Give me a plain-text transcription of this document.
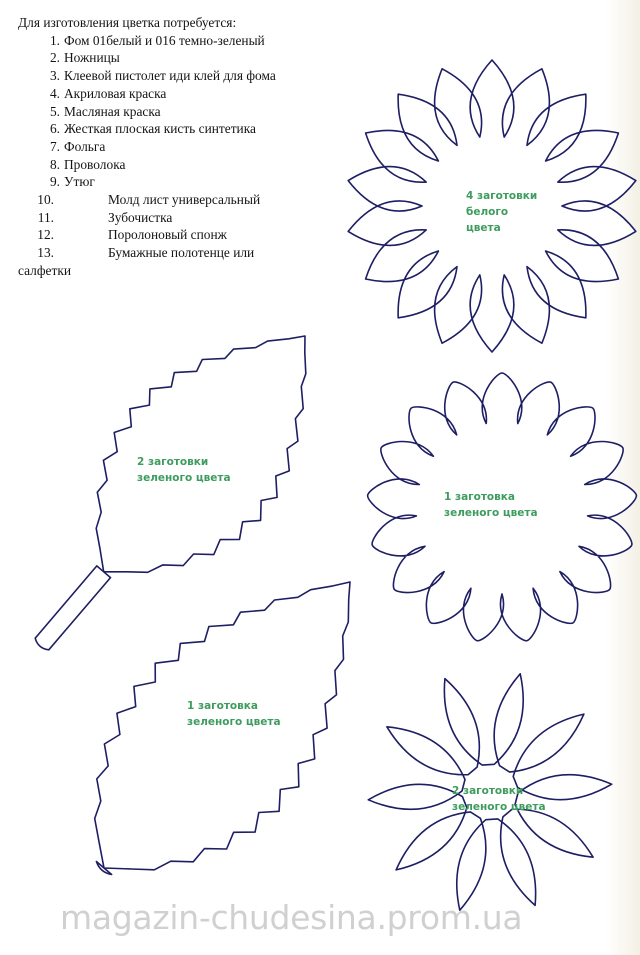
Для изготовления цветка потребуется:

1. Фом 01белый и 016 темно-зеленый
2. Ножницы
3. Клеевой пистолет иди клей для фома
4. Акриловая краска
5. Масляная краска
6. Жесткая плоская кисть синтетика
7. Фольга
8. Проволока
9. Утюг
10.	Молд лист универсальный
11.	Зубочистка
12.	Поролоновый спонж
13.	Бумажные полотенце или
салфетки
4 заготовки
белого
цвета
2 заготовки
зеленого цвета
1 заготовка
зеленого цвета
1 заготовка
зеленого цвета
2 заготовки
зеленого цвета
magazin-chudesina.prom.ua
